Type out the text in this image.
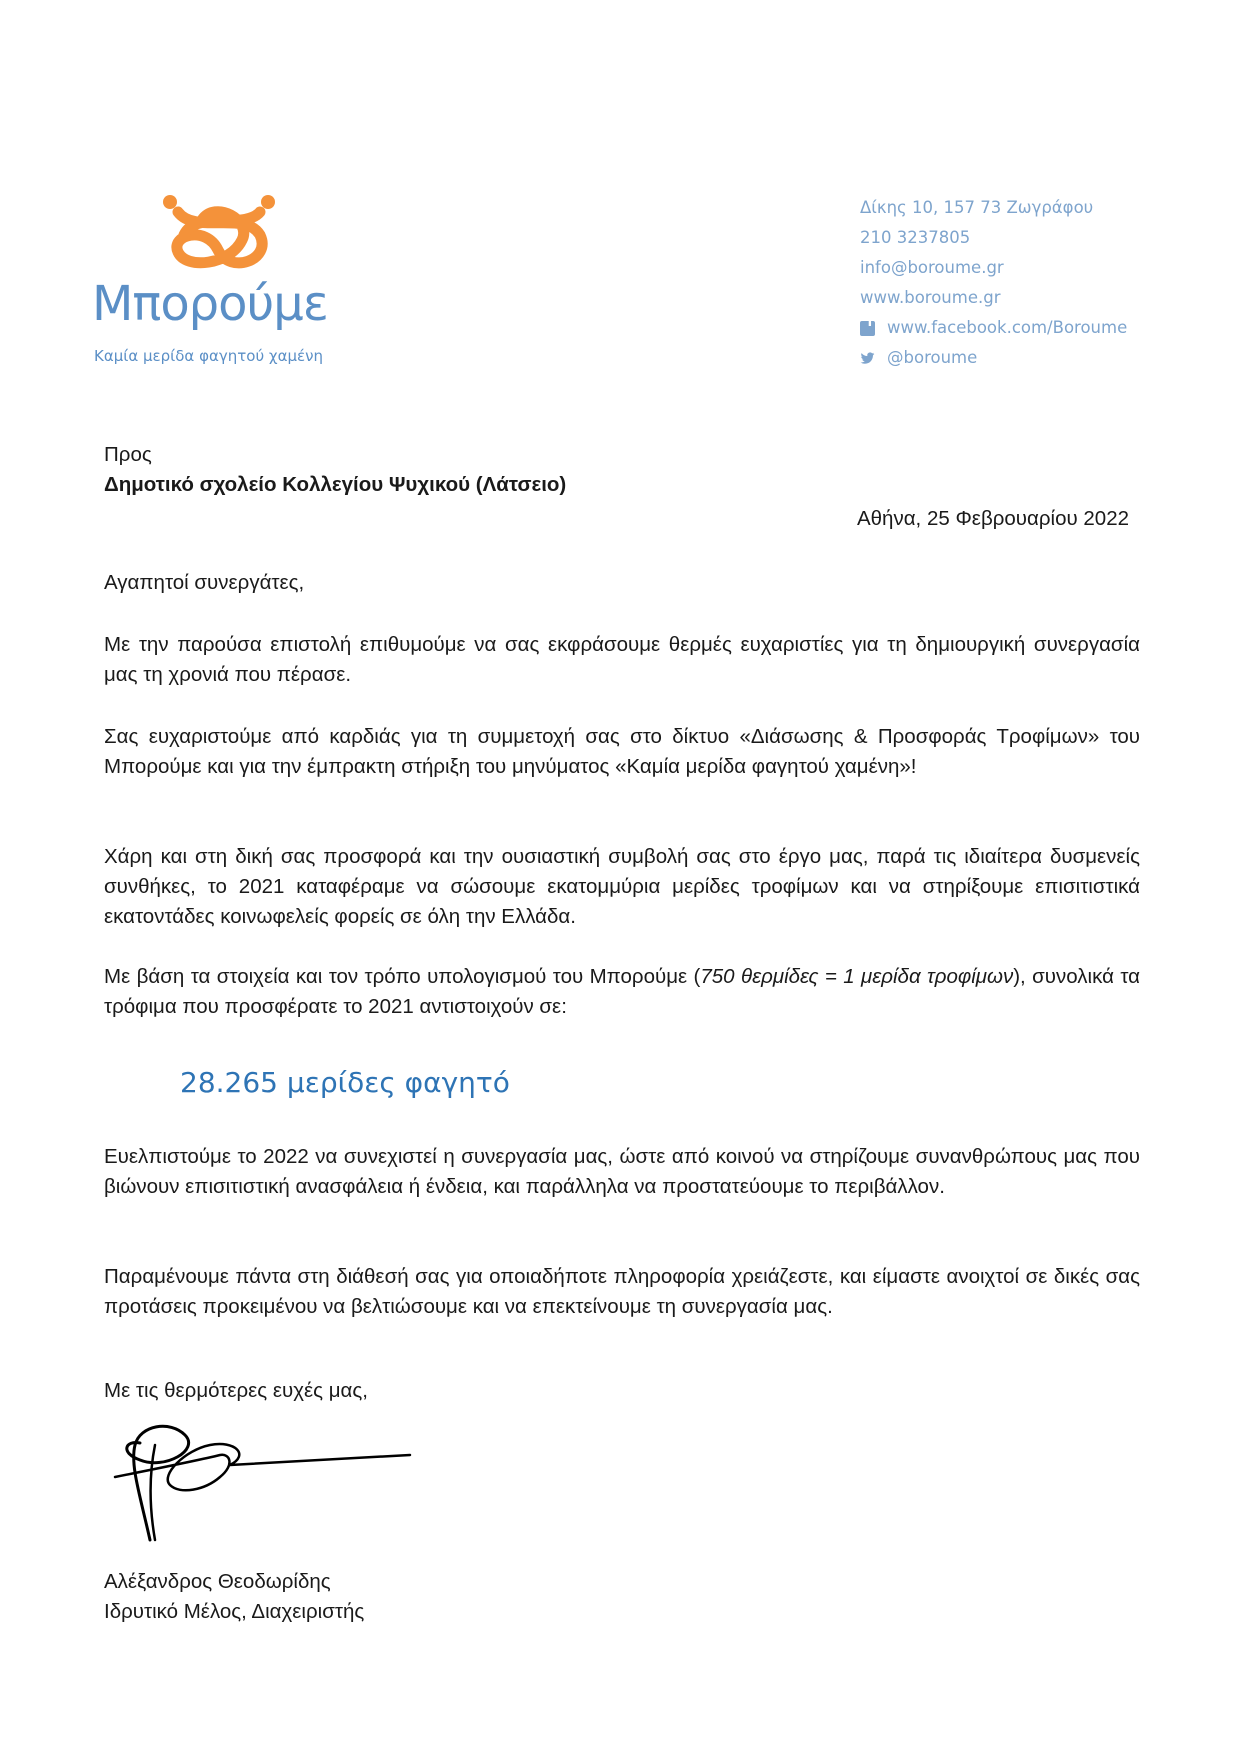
Μπορούμε
Καμία μερίδα φαγητού χαμένη
Δίκης 10, 157 73 Ζωγράφου
210 3237805
info@boroume.gr
www.boroume.gr
f
www.facebook.com/Boroume
@boroume
Προς
Δημοτικό σχολείο Κολλεγίου Ψυχικού (Λάτσειο)
Αθήνα, 25 Φεβρουαρίου 2022
Αγαπητοί συνεργάτες,
Με την παρούσα επιστολή επιθυμούμε να σας εκφράσουμε θερμές ευχαριστίες για τη δημιουργική συνεργασία μας τη χρονιά που πέρασε.
Σας ευχαριστούμε από καρδιάς για τη συμμετοχή σας στο δίκτυο «Διάσωσης & Προσφοράς Τροφίμων» του Μπορούμε και για την έμπρακτη στήριξη του μηνύματος «Καμία μερίδα φαγητού χαμένη»!
Χάρη και στη δική σας προσφορά και την ουσιαστική συμβολή σας στο έργο μας, παρά τις ιδιαίτερα δυσμενείς συνθήκες, το 2021 καταφέραμε να σώσουμε εκατομμύρια μερίδες τροφίμων και να στηρίξουμε επισιτιστικά εκατοντάδες κοινωφελείς φορείς σε όλη την Ελλάδα.
Με βάση τα στοιχεία και τον τρόπο υπολογισμού του Μπορούμε (750 θερμίδες = 1 μερίδα τροφίμων), συνολικά τα τρόφιμα που προσφέρατε το 2021 αντιστοιχούν σε:
28.265 μερίδες φαγητό
Ευελπιστούμε το 2022 να συνεχιστεί η συνεργασία μας, ώστε από κοινού να στηρίζουμε συνανθρώπους μας που βιώνουν επισιτιστική ανασφάλεια ή ένδεια, και παράλληλα να προστατεύουμε το περιβάλλον.
Παραμένουμε πάντα στη διάθεσή σας για οποιαδήποτε πληροφορία χρειάζεστε, και είμαστε ανοιχτοί σε δικές σας προτάσεις προκειμένου να βελτιώσουμε και να επεκτείνουμε τη συνεργασία μας.
Με τις θερμότερες ευχές μας,
Αλέξανδρος Θεοδωρίδης
Ιδρυτικό Μέλος, Διαχειριστής
